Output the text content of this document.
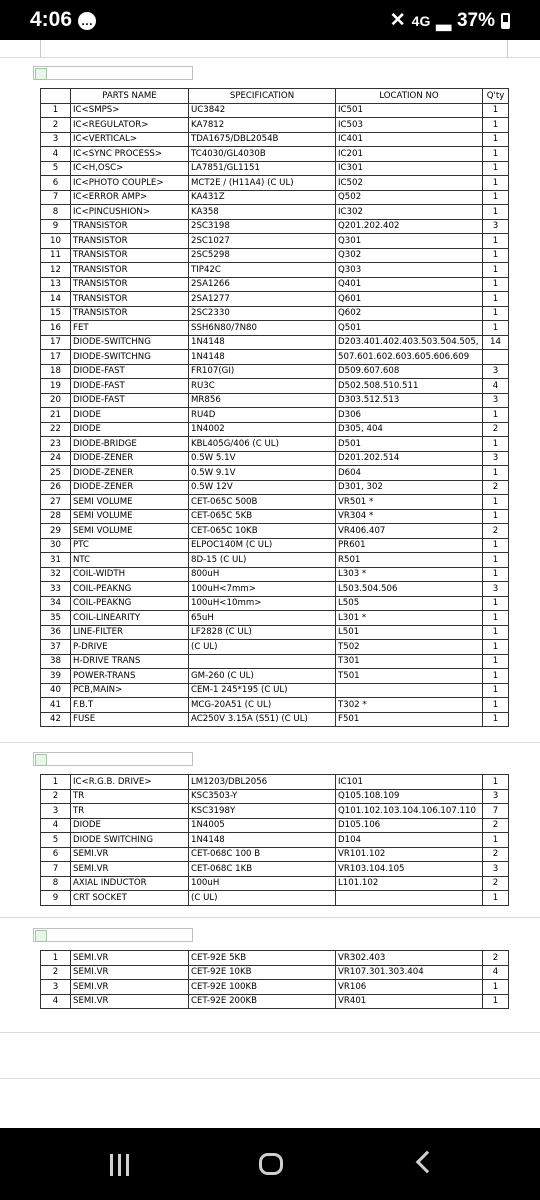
4:06 …	✕ 4G ▂ 37%
	PARTS NAME	SPECIFICATION	LOCATION NO	Q'ty
1	IC<SMPS>	UC3842	IC501	1
2	IC<REGULATOR>	KA7812	IC503	1
3	IC<VERTICAL>	TDA1675/DBL2054B	IC401	1
4	IC<SYNC PROCESS>	TC4030/GL4030B	IC201	1
5	IC<H,OSC>	LA7851/GL1151	IC301	1
6	IC<PHOTO COUPLE>	MCT2E / (H11A4) (C UL)	IC502	1
7	IC<ERROR AMP>	KA431Z	Q502	1
8	IC<PINCUSHION>	KA358	IC302	1
9	TRANSISTOR	2SC3198	Q201.202.402	3
10	TRANSISTOR	2SC1027	Q301	1
11	TRANSISTOR	2SC5298	Q302	1
12	TRANSISTOR	TIP42C	Q303	1
13	TRANSISTOR	2SA1266	Q401	1
14	TRANSISTOR	2SA1277	Q601	1
15	TRANSISTOR	2SC2330	Q602	1
16	FET	SSH6N80/7N80	Q501	1
17	DIODE-SWITCHNG	1N4148	D203.401.402.403.503.504.505,	14
17	DIODE-SWITCHNG	1N4148	507.601.602.603.605.606.609	
18	DIODE-FAST	FR107(GI)	D509.607.608	3
19	DIODE-FAST	RU3C	D502.508.510.511	4
20	DIODE-FAST	MR856	D303.512.513	3
21	DIODE	RU4D	D306	1
22	DIODE	1N4002	D305, 404	2
23	DIODE-BRIDGE	KBL405G/406 (C UL)	D501	1
24	DIODE-ZENER	0.5W 5.1V	D201.202.514	3
25	DIODE-ZENER	0.5W 9.1V	D604	1
26	DIODE-ZENER	0.5W 12V	D301, 302	2
27	SEMI VOLUME	CET-065C 500B	VR501 *	1
28	SEMI VOLUME	CET-065C 5KB	VR304 *	1
29	SEMI VOLUME	CET-065C 10KB	VR406.407	2
30	PTC	ELPOC140M (C UL)	PR601	1
31	NTC	8D-15 (C UL)	R501	1
32	COIL-WIDTH	800uH	L303 *	1
33	COIL-PEAKNG	100uH<7mm>	L503.504.506	3
34	COIL-PEAKNG	100uH<10mm>	L505	1
35	COIL-LINEARITY	65uH	L301 *	1
36	LINE-FILTER	LF2828 (C UL)	L501	1
37	P-DRIVE	(C UL)	T502	1
38	H-DRIVE TRANS		T301	1
39	POWER-TRANS	GM-260 (C UL)	T501	1
40	PCB,MAIN>	CEM-1 245*195 (C UL)		1
41	F.B.T	MCG-20A51 (C UL)	T302 *	1
42	FUSE	AC250V 3.15A (S51) (C UL)	F501	1
1	IC<R.G.B. DRIVE>	LM1203/DBL2056	IC101	1
2	TR	KSC3503-Y	Q105.108.109	3
3	TR	KSC3198Y	Q101.102.103.104.106.107.110	7
4	DIODE	1N4005	D105.106	2
5	DIODE SWITCHING	1N4148	D104	1
6	SEMI.VR	CET-068C 100 B	VR101.102	2
7	SEMI.VR	CET-068C 1KB	VR103.104.105	3
8	AXIAL INDUCTOR	100uH	L101.102	2
9	CRT SOCKET	(C UL)		1
1	SEMI.VR	CET-92E 5KB	VR302.403	2
2	SEMI.VR	CET-92E 10KB	VR107.301.303.404	4
3	SEMI.VR	CET-92E 100KB	VR106	1
4	SEMI.VR	CET-92E 200KB	VR401	1
